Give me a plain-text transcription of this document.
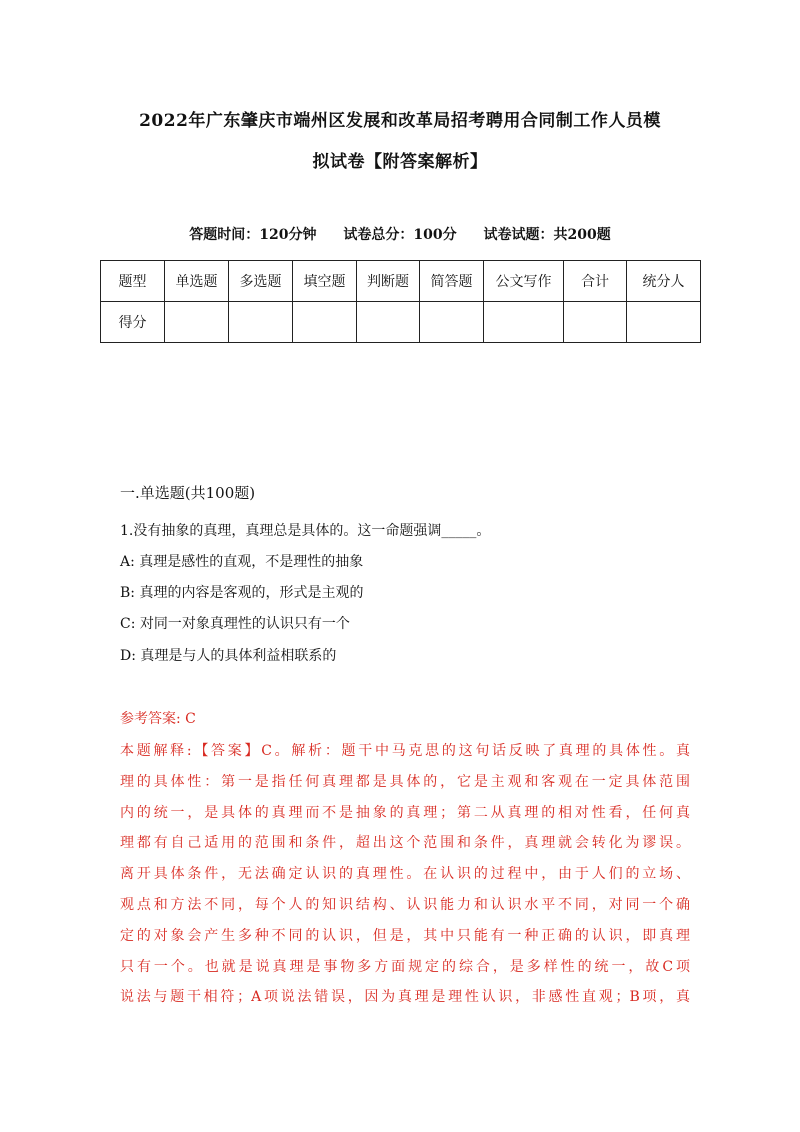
2022年广东肇庆市端州区发展和改革局招考聘用合同制工作人员模
拟试卷【附答案解析】
答题时间：120分钟 试卷总分：100分 试卷试题：共200题
题型	单选题	多选题	填空题	判断题	简答题	公文写作	合计	统分人
得分								
一.单选题(共100题)
1.没有抽象的真理，真理总是具体的。这一命题强调_____。
A: 真理是感性的直观，不是理性的抽象
B: 真理的内容是客观的，形式是主观的
C: 对同一对象真理性的认识只有一个
D: 真理是与人的具体利益相联系的
参考答案: C
本题解释:【答案】C。解析：题干中马克思的这句话反映了真理的具体性。真
理的具体性：第一是指任何真理都是具体的，它是主观和客观在一定具体范围
内的统一，是具体的真理而不是抽象的真理；第二从真理的相对性看，任何真
理都有自己适用的范围和条件，超出这个范围和条件，真理就会转化为谬误。
离开具体条件，无法确定认识的真理性。在认识的过程中，由于人们的立场、
观点和方法不同，每个人的知识结构、认识能力和认识水平不同，对同一个确
定的对象会产生多种不同的认识，但是，其中只能有一种正确的认识，即真理
只有一个。也就是说真理是事物多方面规定的综合，是多样性的统一，故C项
说法与题干相符；A项说法错误，因为真理是理性认识，非感性直观；B项，真
